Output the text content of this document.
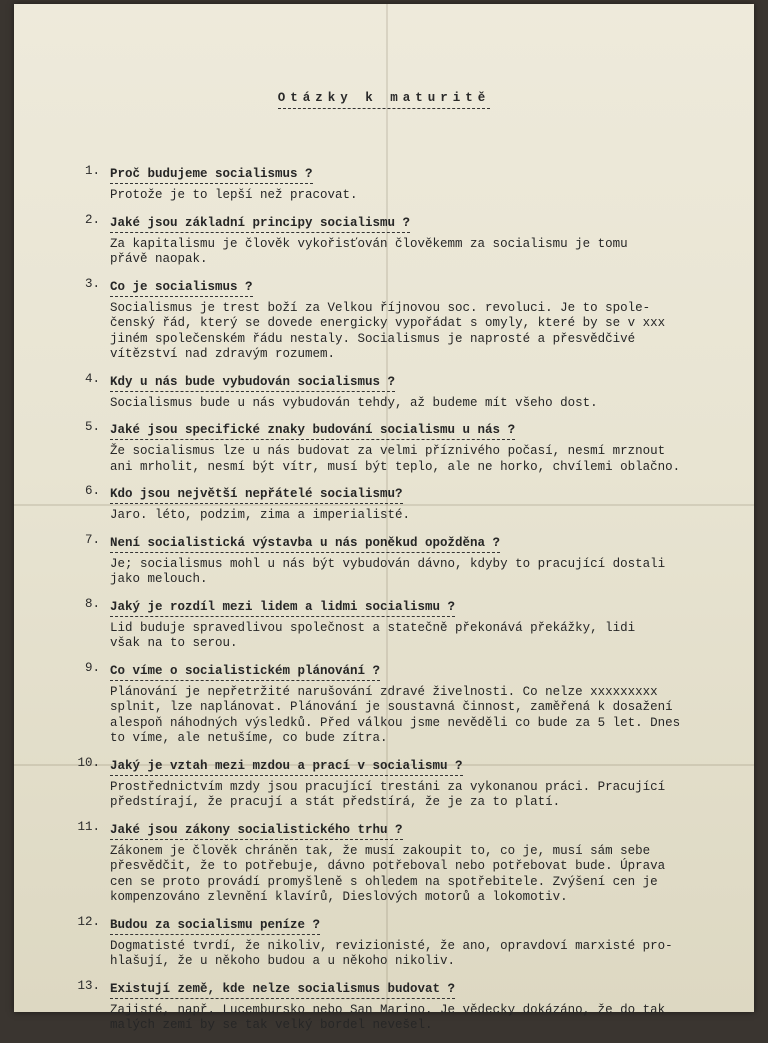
Otázky k maturitě
1. Proč budujeme socialismus ?
Protože je to lepší než pracovat.
2. Jaké jsou základní principy socialismu ?
Za kapitalismu je člověk vykořisťován člověkemm za socialismu je tomu
přávě naopak.
3. Co je socialismus ?
Socialismus je trest boží za Velkou říjnovou soc. revoluci. Je to spole-
čenský řád, který se dovede energicky vypořádat s omyly, které by se v xxx
jiném společenském řádu nestaly. Socialismus je naprosté a přesvědčivé
vítězství nad zdravým rozumem.
4. Kdy u nás bude vybudován socialismus ?
Socialismus bude u nás vybudován tehdy, až budeme mít všeho dost.
5. Jaké jsou specifické znaky budování socialismu u nás ?
Že socialismus lze u nás budovat za velmi příznivého počasí, nesmí mrznout
ani mrholit, nesmí být vítr, musí být teplo, ale ne horko, chvílemi oblačno.
6. Kdo jsou největší nepřátelé socialismu?
Jaro. léto, podzim, zima a imperialisté.
7. Není socialistická výstavba u nás poněkud opožděna ?
Je; socialismus mohl u nás být vybudován dávno, kdyby to pracující dostali
jako melouch.
8. Jaký je rozdíl mezi lidem a lidmi socialismu ?
Lid buduje spravedlivou společnost a statečně překonává překážky, lidi
však na to serou.
9. Co víme o socialistickém plánování ?
Plánování je nepřetržité narušování zdravé živelnosti. Co nelze xxxxxxxxx
splnit, lze naplánovat. Plánování je soustavná činnost, zaměřená k dosažení
alespoň náhodných výsledků. Před válkou jsme nevěděli co bude za 5 let. Dnes
to víme, ale netušíme, co bude zítra.
10. Jaký je vztah mezi mzdou a prací v socialismu ?
Prostřednictvím mzdy jsou pracující trestáni za vykonanou práci. Pracující
předstírají, že pracují a stát předstírá, že je za to platí.
11. Jaké jsou zákony socialistického trhu ?
Zákonem je člověk chráněn tak, že musí zakoupit to, co je, musí sám sebe
přesvědčit, že to potřebuje, dávno potřeboval nebo potřebovat bude. Úprava
cen se proto provádí promyšleně s ohledem na spotřebitele. Zvýšení cen je
kompenzováno zlevnění klavírů, Dieslových motorů a lokomotiv.
12. Budou za socialismu peníze ?
Dogmatisté tvrdí, že nikoliv, revizionisté, že ano, opravdoví marxisté pro-
hlašují, že u někoho budou a u někoho nikoliv.
13. Existují země, kde nelze socialismus budovat ?
Zajisté, např. Lucembursko nebo San Marino. Je vědecky dokázáno, že do tak
malých zemí by se tak velký bordel nevešel.
